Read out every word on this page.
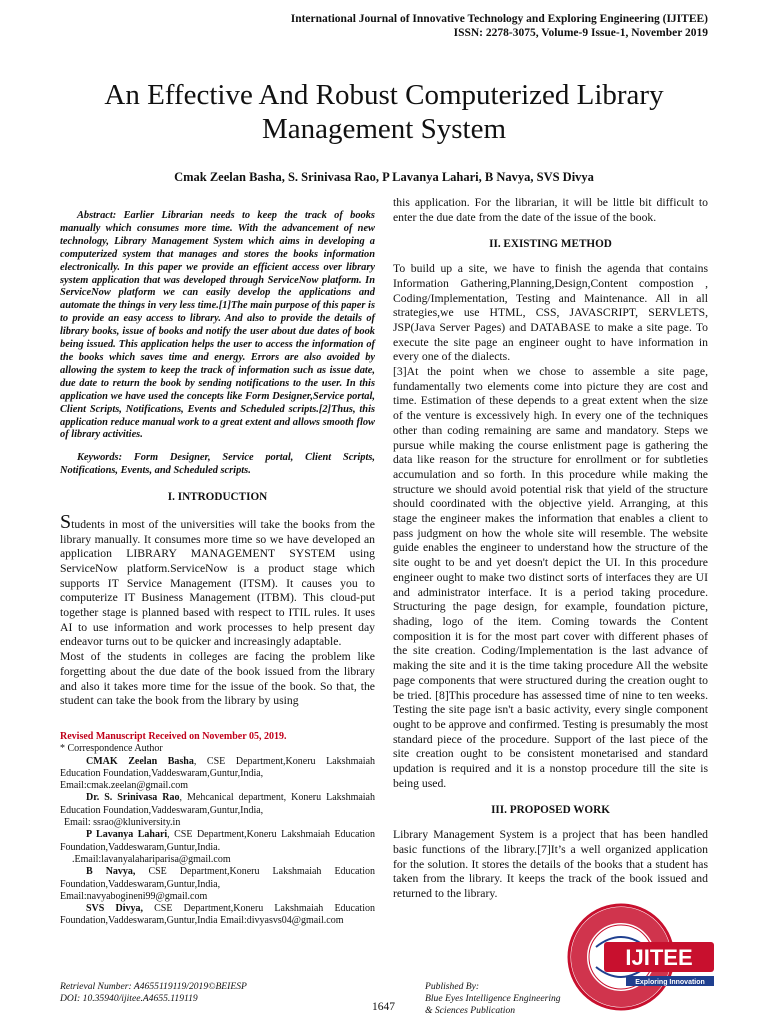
International Journal of Innovative Technology and Exploring Engineering (IJITEE)
ISSN: 2278-3075, Volume-9 Issue-1, November 2019
An Effective And Robust Computerized Library
Management System
Cmak Zeelan Basha, S. Srinivasa Rao, P Lavanya Lahari, B Navya, SVS Divya

Abstract: Earlier Librarian needs to keep the track of books manually which consumes more time. With the advancement of new technology, Library Management System which aims in developing a computerized system that manages and stores the books information electronically. In this paper we provide an efficient access over library system application that was developed through ServiceNow platform. In ServiceNow platform we can easily develop the applications and automate the things in very less time.[1]The main purpose of this paper is to provide an easy access to library. And also to provide the details of library books, issue of books and notify the user about due dates of book being issued. This application helps the user to access the information of the books which saves time and energy. Errors are also avoided by allowing the system to keep the track of information such as issue date, due date to return the book by sending notifications to the user. In this application we have used the concepts like Form Designer,Service portal, Client Scripts, Notifications, Events and Scheduled scripts.[2]Thus, this application reduce manual work to a great extent and allows smooth flow of library activities.

Keywords: Form Designer, Service portal, Client Scripts, Notifications, Events, and Scheduled scripts.

I. INTRODUCTION

Students in most of the universities will take the books from the library manually. It consumes more time so we have developed an application LIBRARY MANAGEMENT SYSTEM using ServiceNow platform.ServiceNow is a product stage which supports IT Service Management (ITSM). It causes you to computerize IT Business Management (ITBM). This cloud-put together stage is planned based with respect to ITIL rules. It uses AI to use information and work processes to help present day endeavor turns out to be quicker and increasingly adaptable.

Most of the students in colleges are facing the problem like forgetting about the due date of the book issued from the library and also it takes more time for the issue of the book. So that, the student can take the book from the library by using

Revised Manuscript Received on November 05, 2019.

* Correspondence Author

CMAK Zeelan Basha, CSE Department,Koneru Lakshmaiah Education Foundation,Vaddeswaram,Guntur,India,

Email:cmak.zeelan@gmail.com

Dr. S. Srinivasa Rao, Mehcanical department, Koneru Lakshmaiah Education Foundation,Vaddeswaram,Guntur,India,

Email: ssrao@kluniversity.in

P Lavanya Lahari, CSE Department,Koneru Lakshmaiah Education Foundation,Vaddeswaram,Guntur,India.

.Email:lavanyalahariparisa@gmail.com

B Navya, CSE Department,Koneru Lakshmaiah Education Foundation,Vaddeswaram,Guntur,India,

Email:navyabogineni99@gmail.com

SVS Divya, CSE Department,Koneru Lakshmaiah Education Foundation,Vaddeswaram,Guntur,India Email:divyasvs04@gmail.com

this application. For the librarian, it will be little bit difficult to enter the due date from the date of the issue of the book.

II. EXISTING METHOD

To build up a site, we have to finish the agenda that contains Information Gathering,Planning,Design,Content compostion , Coding/Implementation, Testing and Maintenance. All in all strategies,we use HTML, CSS, JAVASCRIPT, SERVLETS, JSP(Java Server Pages) and DATABASE to make a site page. To execute the site page an engineer ought to have information in every one of the dialects.

[3]At the point when we chose to assemble a site page, fundamentally two elements come into picture they are cost and time. Estimation of these depends to a great extent when the size of the venture is excessively high. In every one of the techniques other than coding remaining are same and mandatory. Steps we pursue while making the course enlistment page is gathering the data like reason for the structure for enrollment or for subtleties accumulation and so forth. In this procedure while making the structure we should avoid potential risk that yield of the structure should coordinated with the objective yield. Arranging, at this stage the engineer makes the information that enables a client to pass judgment on how the whole site will resemble. The website guide enables the engineer to understand how the structure of the site ought to be and yet doesn't depict the UI. In this procedure engineer ought to make two distinct sorts of interfaces they are UI and administrator interface. It is a period taking procedure. Structuring the page design, for example, foundation picture, shading, logo of the item. Coming towards the Content composition it is for the most part cover with different phases of the site creation. Coding/Implementation is the last advance of making the site and it is the time taking procedure All the website page components that were structured during the creation ought to be tried. [8]This procedure has assessed time of nine to ten weeks. Testing the site page isn't a basic activity, every single component ought to be approve and confirmed. Testing is presumably the most standard piece of the procedure. Support of the last piece of the site creation ought to be consistent monetarised and standard updation is required and it is a nonstop procedure till the site is being used.

III. PROPOSED WORK

Library Management System is a project that has been handled basic functions of the library.[7]It’s a well organized application for the solution. It stores the details of the books that a student has taken from the library. It keeps the track of the book issued and returned to the library.

IJITEE
Exploring Innovation
Retrieval Number: A4655119119/2019©BEIESP
DOI: 10.35940/ijitee.A4655.119119
1647
Published By:
Blue Eyes Intelligence Engineering
& Sciences Publication
